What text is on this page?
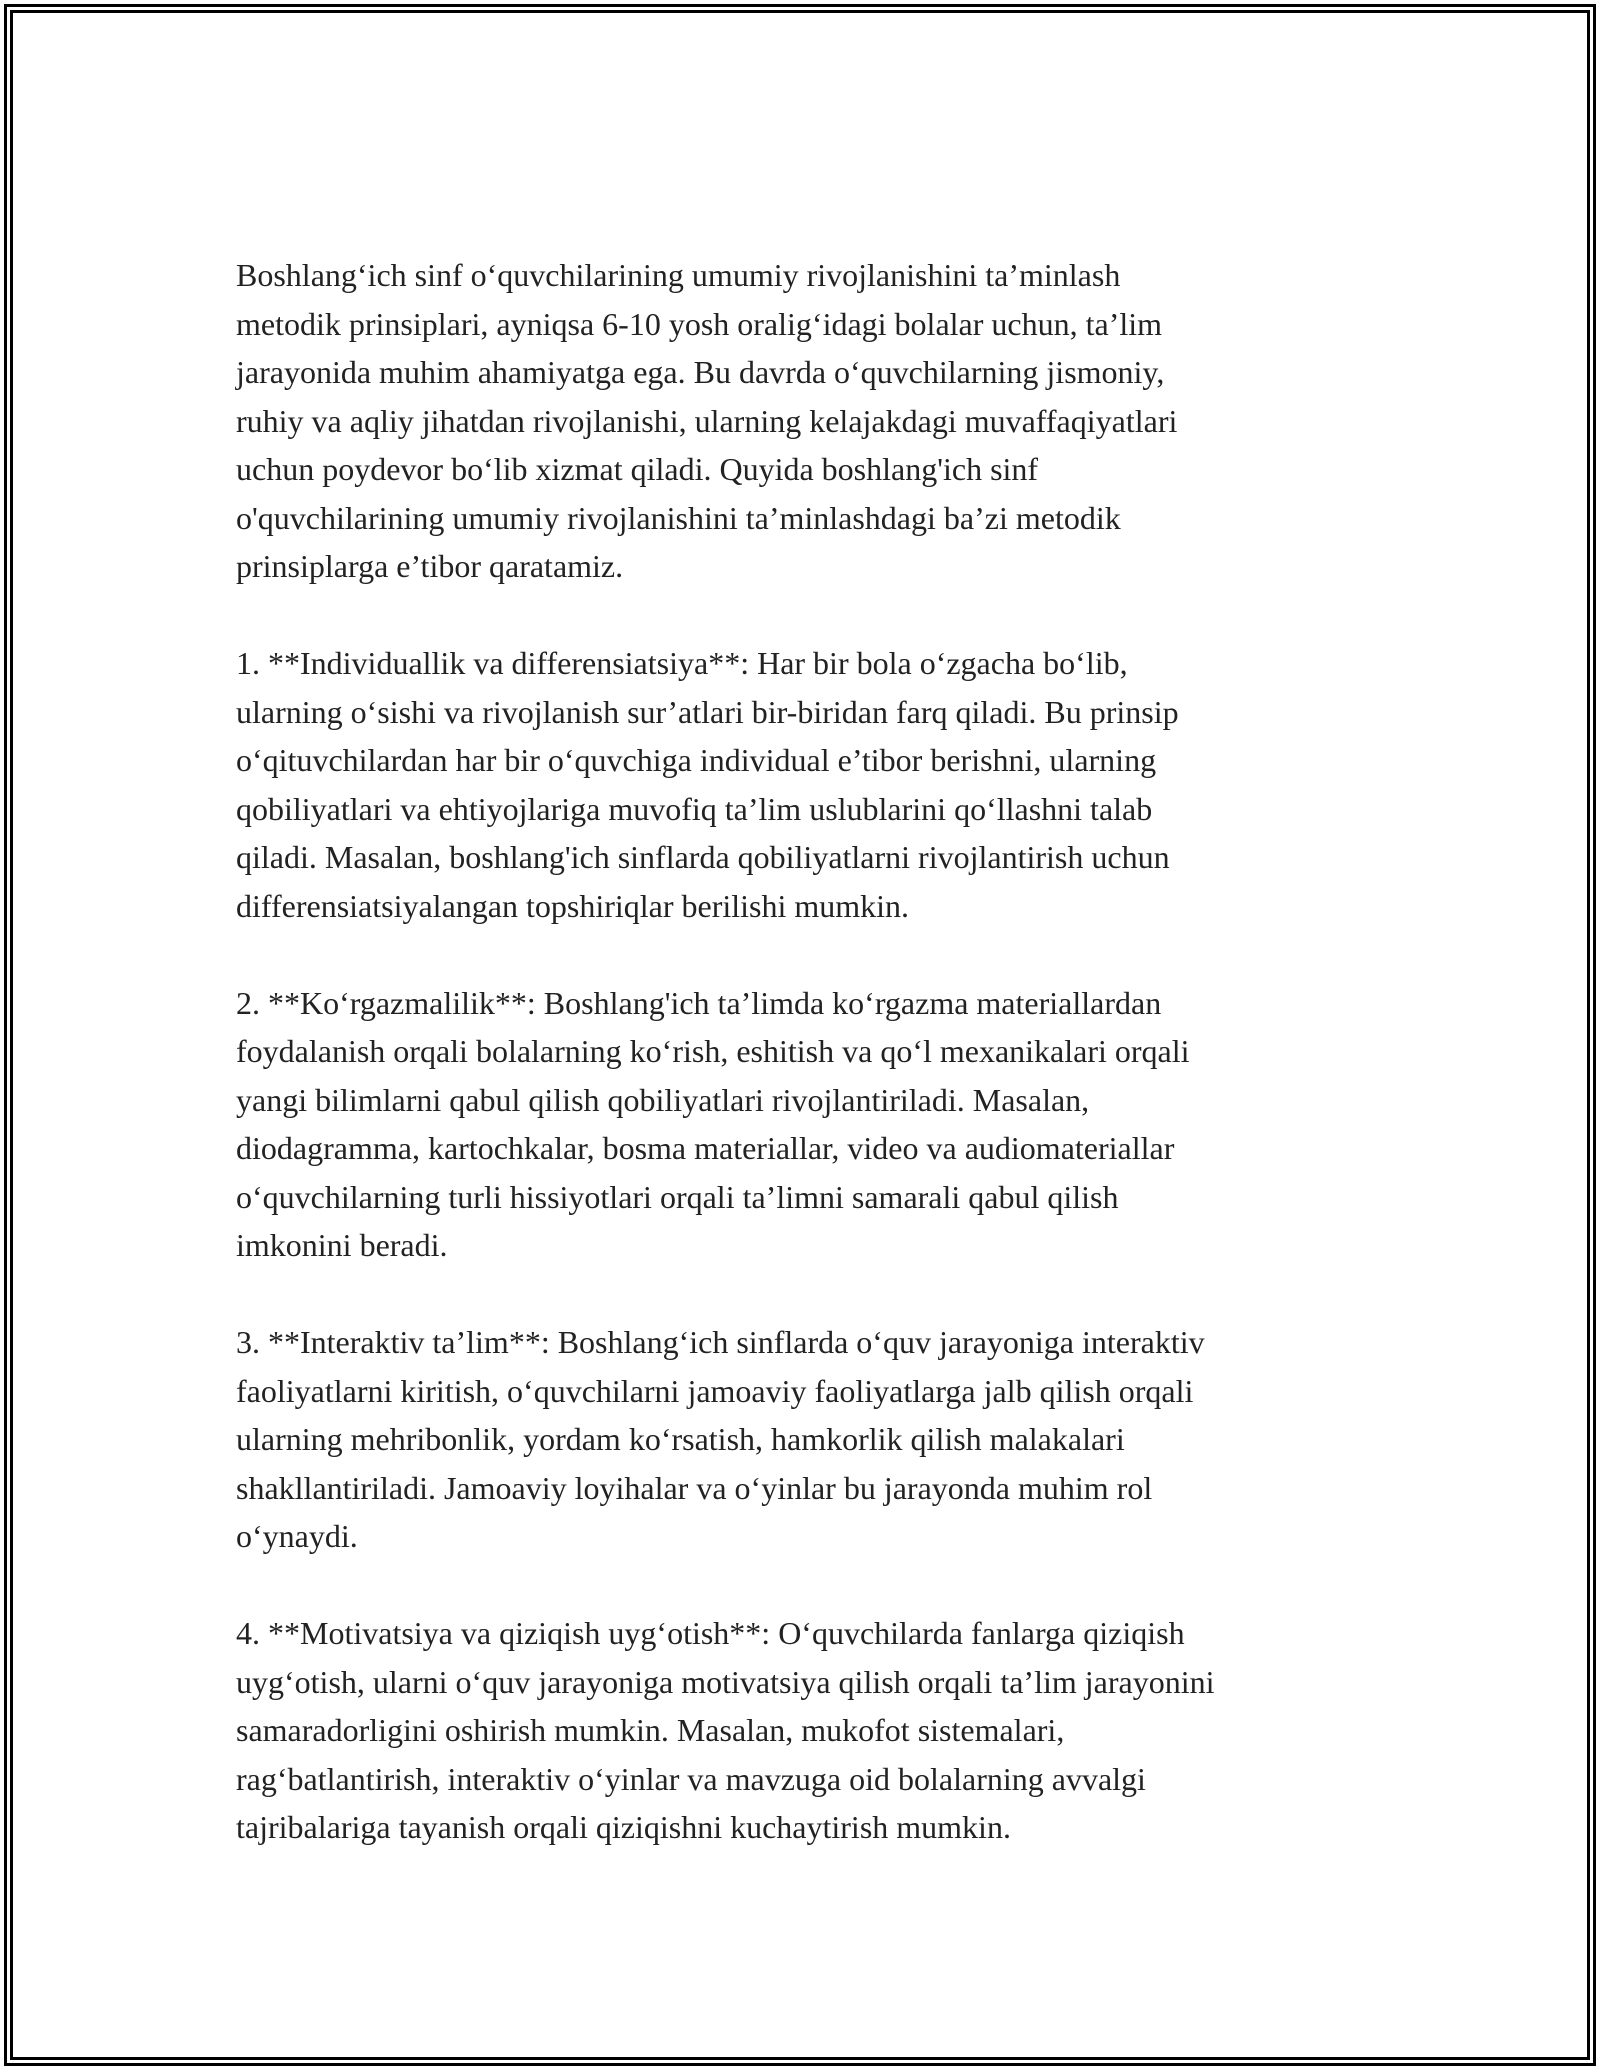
Boshlang‘ich sinf o‘quvchilarining umumiy rivojlanishini ta’minlash
metodik prinsiplari, ayniqsa 6-10 yosh oralig‘idagi bolalar uchun, ta’lim
jarayonida muhim ahamiyatga ega. Bu davrda o‘quvchilarning jismoniy,
ruhiy va aqliy jihatdan rivojlanishi, ularning kelajakdagi muvaffaqiyatlari
uchun poydevor bo‘lib xizmat qiladi. Quyida boshlang'ich sinf
o'quvchilarining umumiy rivojlanishini ta’minlashdagi ba’zi metodik
prinsiplarga e’tibor qaratamiz.

1. **Individuallik va differensiatsiya**: Har bir bola o‘zgacha bo‘lib,
ularning o‘sishi va rivojlanish sur’atlari bir-biridan farq qiladi. Bu prinsip
o‘qituvchilardan har bir o‘quvchiga individual e’tibor berishni, ularning
qobiliyatlari va ehtiyojlariga muvofiq ta’lim uslublarini qo‘llashni talab
qiladi. Masalan, boshlang'ich sinflarda qobiliyatlarni rivojlantirish uchun
differensiatsiyalangan topshiriqlar berilishi mumkin.

2. **Ko‘rgazmalilik**: Boshlang'ich ta’limda ko‘rgazma materiallardan
foydalanish orqali bolalarning ko‘rish, eshitish va qo‘l mexanikalari orqali
yangi bilimlarni qabul qilish qobiliyatlari rivojlantiriladi. Masalan,
diodagramma, kartochkalar, bosma materiallar, video va audiomateriallar
o‘quvchilarning turli hissiyotlari orqali ta’limni samarali qabul qilish
imkonini beradi.

3. **Interaktiv ta’lim**: Boshlang‘ich sinflarda o‘quv jarayoniga interaktiv
faoliyatlarni kiritish, o‘quvchilarni jamoaviy faoliyatlarga jalb qilish orqali
ularning mehribonlik, yordam ko‘rsatish, hamkorlik qilish malakalari
shakllantiriladi. Jamoaviy loyihalar va o‘yinlar bu jarayonda muhim rol
o‘ynaydi.

4. **Motivatsiya va qiziqish uyg‘otish**: O‘quvchilarda fanlarga qiziqish
uyg‘otish, ularni o‘quv jarayoniga motivatsiya qilish orqali ta’lim jarayonini
samaradorligini oshirish mumkin. Masalan, mukofot sistemalari,
rag‘batlantirish, interaktiv o‘yinlar va mavzuga oid bolalarning avvalgi
tajribalariga tayanish orqali qiziqishni kuchaytirish mumkin.
